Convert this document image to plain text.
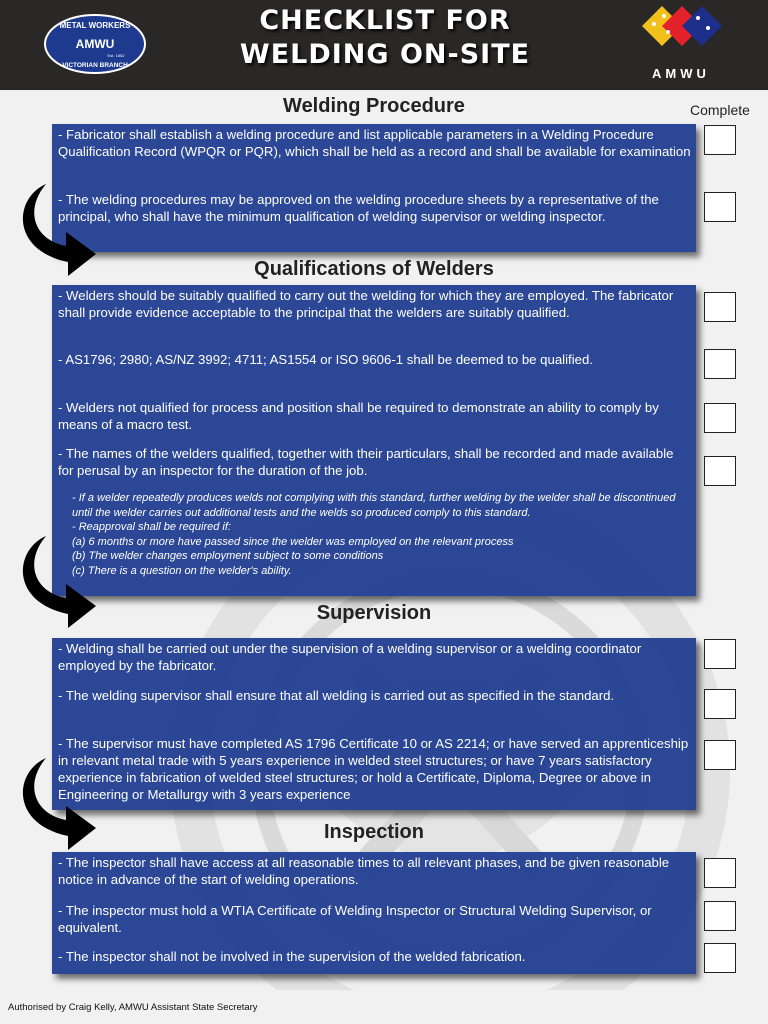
METAL WORKERS
AMWU
Est. 1852
VICTORIAN BRANCH
CHECKLIST FOR
WELDING ON-SITE
AMWU
Complete
Welding Procedure
- Fabricator shall establish a welding procedure and list applicable parameters in a Welding Procedure Qualification Record (WPQR or PQR), which shall be held as a record and shall be available for examination
- The welding procedures may be approved on the welding procedure sheets by a representative of the principal, who shall have the minimum qualification of welding supervisor or welding inspector.
Qualifications of Welders
- Welders should be suitably qualified to carry out the welding for which they are employed. The fabricator shall provide evidence acceptable to the principal that the welders are suitably qualified.
- AS1796; 2980; AS/NZ 3992; 4711; AS1554 or ISO 9606-1 shall be deemed to be qualified.
- Welders not qualified for process and position shall be required to demonstrate an ability to comply by means of a macro test.
- The names of the welders qualified, together with their particulars, shall be recorded and made available for perusal by an inspector for the duration of the job.
- If a welder repeatedly produces welds not complying with this standard, further welding by the welder shall be discontinued until the welder carries out additional tests and the welds so produced comply to this standard.
- Reapproval shall be required if:
(a) 6 months or more have passed since the welder was employed on the relevant process
(b) The welder changes employment subject to some conditions
(c) There is a question on the welder's ability.
Supervision
- Welding shall be carried out under the supervision of a welding supervisor or a welding coordinator employed by the fabricator.
- The welding supervisor shall ensure that all welding is carried out as specified in the standard.
- The supervisor must have completed AS 1796 Certificate 10 or AS 2214; or have served an apprenticeship in relevant metal trade with 5 years experience in welded steel structures; or have 7 years satisfactory experience in fabrication of welded steel structures; or hold a Certificate, Diploma, Degree or above in Engineering or Metallurgy with 3 years experience
Inspection
- The inspector shall have access at all reasonable times to all relevant phases, and be given reasonable notice in advance of the start of welding operations.
- The inspector must hold a WTIA Certificate of Welding Inspector or Structural Welding Supervisor, or equivalent.
- The inspector shall not be involved in the supervision of the welded fabrication.
Authorised by Craig Kelly, AMWU Assistant State Secretary
